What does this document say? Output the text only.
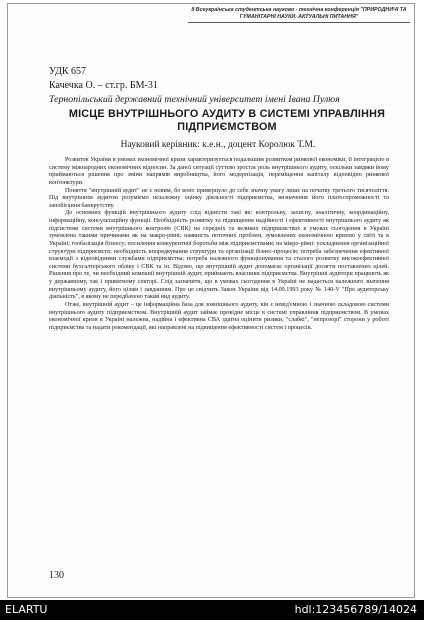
ІІ Всеукраїнська студентська науково - технічна конференція "ПРИРОДНИЧІ ТА ГУМАНІТАРНІ НАУКИ. АКТУАЛЬНІ ПИТАННЯ"
УДК 657
Качечка О. – ст.гр. БМ-31
Тернопільський державний технічний університет імені Івана Пулюя
МІСЦЕ ВНУТРІШНЬОГО АУДИТУ В СИСТЕМІ УПРАВЛІННЯ ПІДПРИЄМСТВОМ
Науковий керівник: к.е.н., доцент Королюк Т.М.

Розвиток України в умовах економічної кризи характеризується подальшим розвитком ринкової економіки, її інтеграцією в систему міжнародних економічних відносин. За даної ситуації суттєво зростає роль внутрішнього аудиту, оскільки завдяки йому приймаються рішення про зміни напрямів виробництва, його модернізація, переміщення капіталу відповідно ринкової кон'юнктури.

Поняття "внутрішній аудит" не є новим, бо воно привернуло до себе значну увагу лише на початку третього тисячоліття. Під внутрішнім аудитом розуміємо незалежну оцінку діяльності підприємства, визначення його платоспроможності та запобігання банкрутству.

До основних функцій внутрішнього аудиту слід віднести такі як: контрольну, захисну, аналітичну, координаційну, інформаційну, консультаційну функції. Необхідність розвитку та підвищення надійності і ефективності внутрішнього аудиту як підсистеми системи внутрішнього контролю (СВК) на середніх та великих підприємствах в умовах сьогодення в Україні зумовлена такими причинами як на макро-рівні: наявність поточних проблем, зумовлених економічною кризою у світі та в Україні; глобалізація бізнесу; посилення конкурентної боротьби між підприємствами; на мікро-рівні: ускладнення організаційної структури підприємств; необхідність впорядкування структури та організації бізнес-процесів; потреба забезпечення ефективної взаємодії з відповідними службами підприємства; потреба належного функціонування та сталого розвитку високоефективної системи бухгалтерського обліку і СВК та ін. Відомо, що внутрішній аудит допомагає організації досягти поставлених цілей. Рішення про те, чи необхідний компанії внутрішній аудит, приймають власники підприємства. Внутрішні аудитори працюють як у державному, так і приватному секторі. Слід зазначити, що в умовах сьогодення в Україні не надається належного значення внутрішньому аудиту, його цілям і завданням. Про це свідчить Закон України від 14.09.1993 року № 140-V "Про аудиторську діяльність", в якому не передбачено такий вид аудиту.

Отже, внутрішній аудит – це інформаційна база для зовнішнього аудиту, він є невід'ємною і значною складовою системи внутрішнього аудиту підприємством. Внутрішній аудит займає провідне місце в системі управління підприємством. В умовах економічної кризи в Україні належна, надійна і ефективна СВА здатна оцінити ризики, "слабкі", "непрозорі" сторони у роботі підприємства та надати рекомендації, які направлені на підвищення ефективності систем і процесів.

130
ELARTU	hdl:123456789/14024
